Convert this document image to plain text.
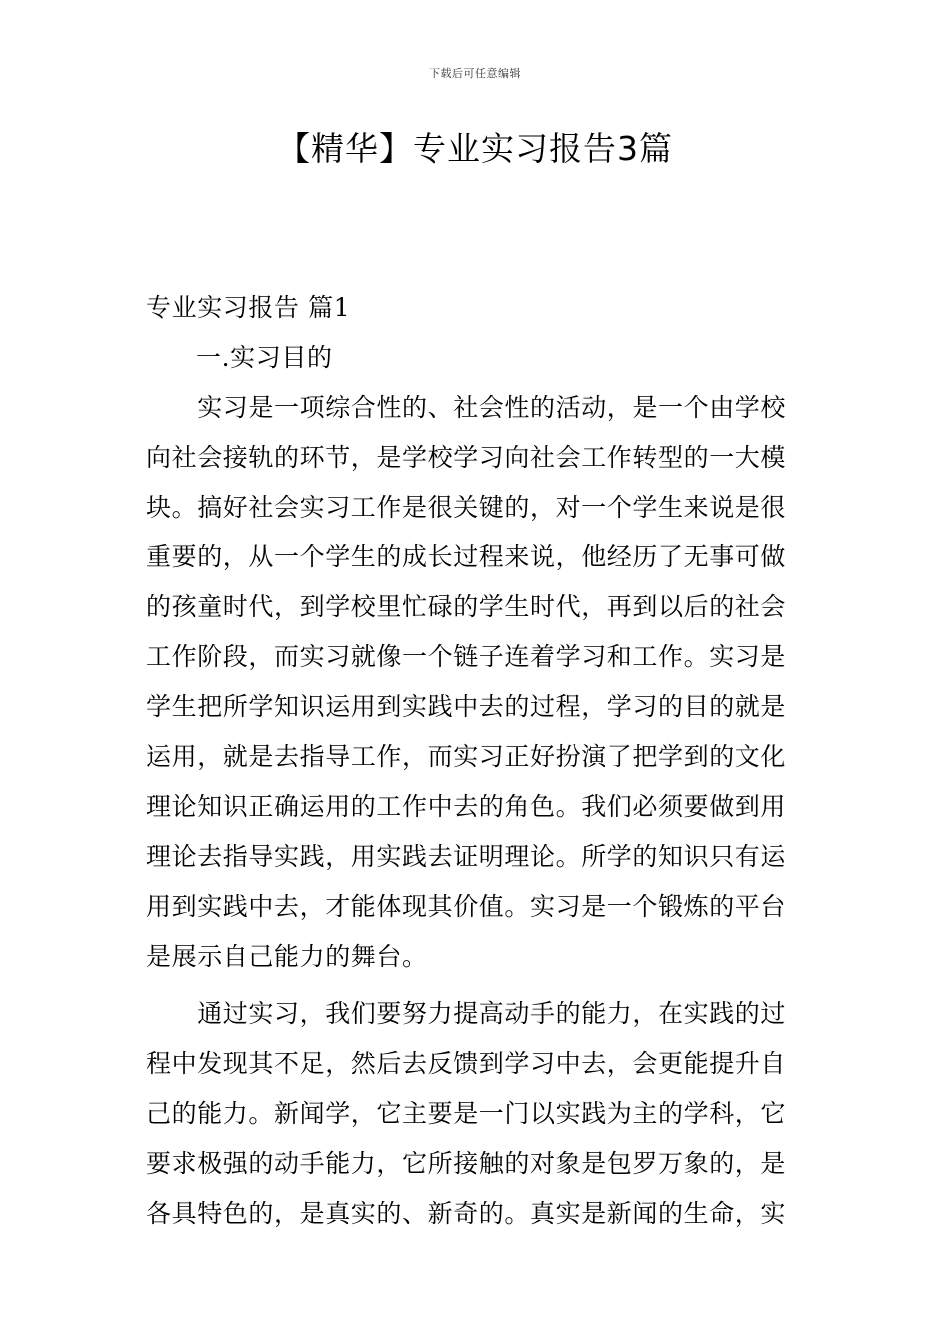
下载后可任意编辑
【精华】专业实习报告3篇
专业实习报告 篇1
一.实习目的
　　实习是一项综合性的、社会性的活动，是一个由学校
向社会接轨的环节，是学校学习向社会工作转型的一大模
块。搞好社会实习工作是很关键的，对一个学生来说是很
重要的，从一个学生的成长过程来说，他经历了无事可做
的孩童时代，到学校里忙碌的学生时代，再到以后的社会
工作阶段，而实习就像一个链子连着学习和工作。实习是
学生把所学知识运用到实践中去的过程，学习的目的就是
运用，就是去指导工作，而实习正好扮演了把学到的文化
理论知识正确运用的工作中去的角色。我们必须要做到用
理论去指导实践，用实践去证明理论。所学的知识只有运
用到实践中去，才能体现其价值。实习是一个锻炼的平台
是展示自己能力的舞台。
　　通过实习，我们要努力提高动手的能力，在实践的过
程中发现其不足，然后去反馈到学习中去，会更能提升自
己的能力。新闻学，它主要是一门以实践为主的学科，它
要求极强的动手能力，它所接触的对象是包罗万象的，是
各具特色的，是真实的、新奇的。真实是新闻的生命，实
